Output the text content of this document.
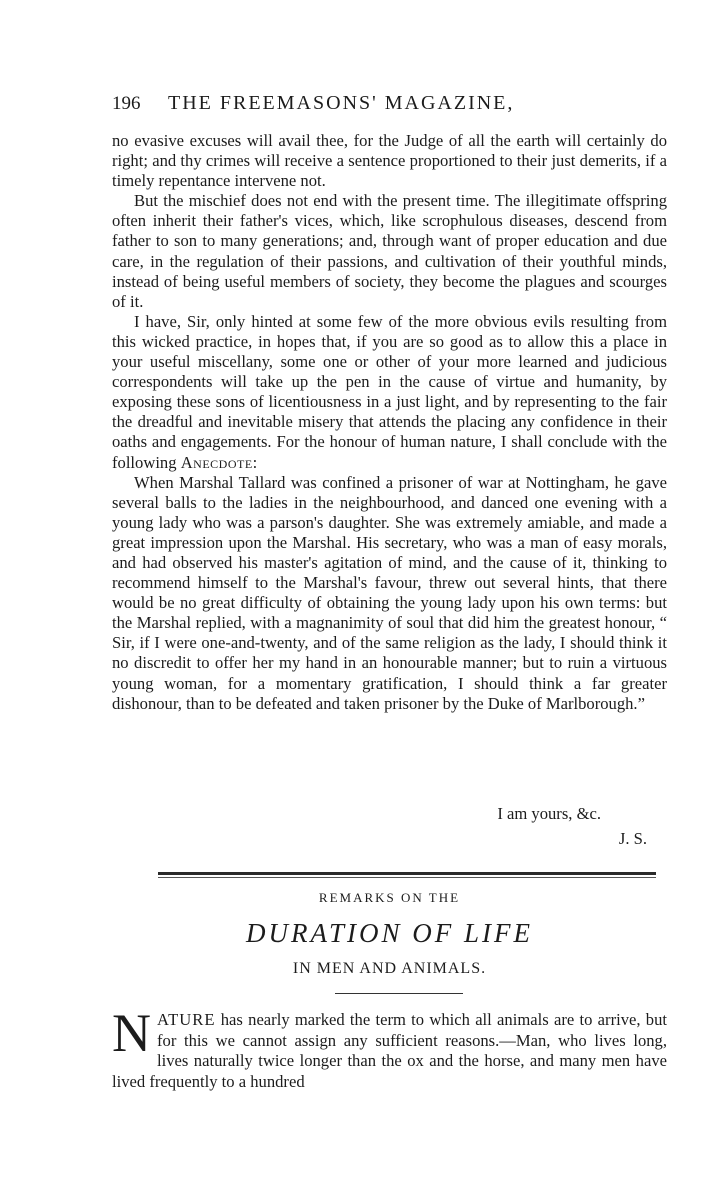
196	THE FREEMASONS' MAGAZINE,

no evasive excuses will avail thee, for the Judge of all the earth will certainly do right; and thy crimes will receive a sentence proportioned to their just demerits, if a timely repentance intervene not.

But the mischief does not end with the present time. The illegitimate offspring often inherit their father's vices, which, like scrophulous diseases, descend from father to son to many generations; and, through want of proper education and due care, in the regulation of their passions, and cultivation of their youthful minds, instead of being useful members of society, they become the plagues and scourges of it.

I have, Sir, only hinted at some few of the more obvious evils resulting from this wicked practice, in hopes that, if you are so good as to allow this a place in your useful miscellany, some one or other of your more learned and judicious correspondents will take up the pen in the cause of virtue and humanity, by exposing these sons of licentiousness in a just light, and by representing to the fair the dreadful and inevitable misery that attends the placing any confidence in their oaths and engagements. For the honour of human nature, I shall conclude with the following Anecdote:

When Marshal Tallard was confined a prisoner of war at Nottingham, he gave several balls to the ladies in the neighbourhood, and danced one evening with a young lady who was a parson's daughter. She was extremely amiable, and made a great impression upon the Marshal. His secretary, who was a man of easy morals, and had observed his master's agitation of mind, and the cause of it, thinking to recommend himself to the Marshal's favour, threw out several hints, that there would be no great difficulty of obtaining the young lady upon his own terms: but the Marshal replied, with a magnanimity of soul that did him the greatest honour, “ Sir, if I were one-and-twenty, and of the same religion as the lady, I should think it no discredit to offer her my hand in an honourable manner; but to ruin a virtuous young woman, for a momentary gratification, I should think a far greater dishonour, than to be defeated and taken prisoner by the Duke of Marlborough.”

I am yours, &c.
J. S.
REMARKS ON THE
DURATION OF LIFE
IN MEN AND ANIMALS.
NATURE has nearly marked the term to which all animals are to arrive, but for this we cannot assign any sufficient reasons.—Man, who lives long, lives naturally twice longer than the ox and the horse, and many men have lived frequently to a hundred
